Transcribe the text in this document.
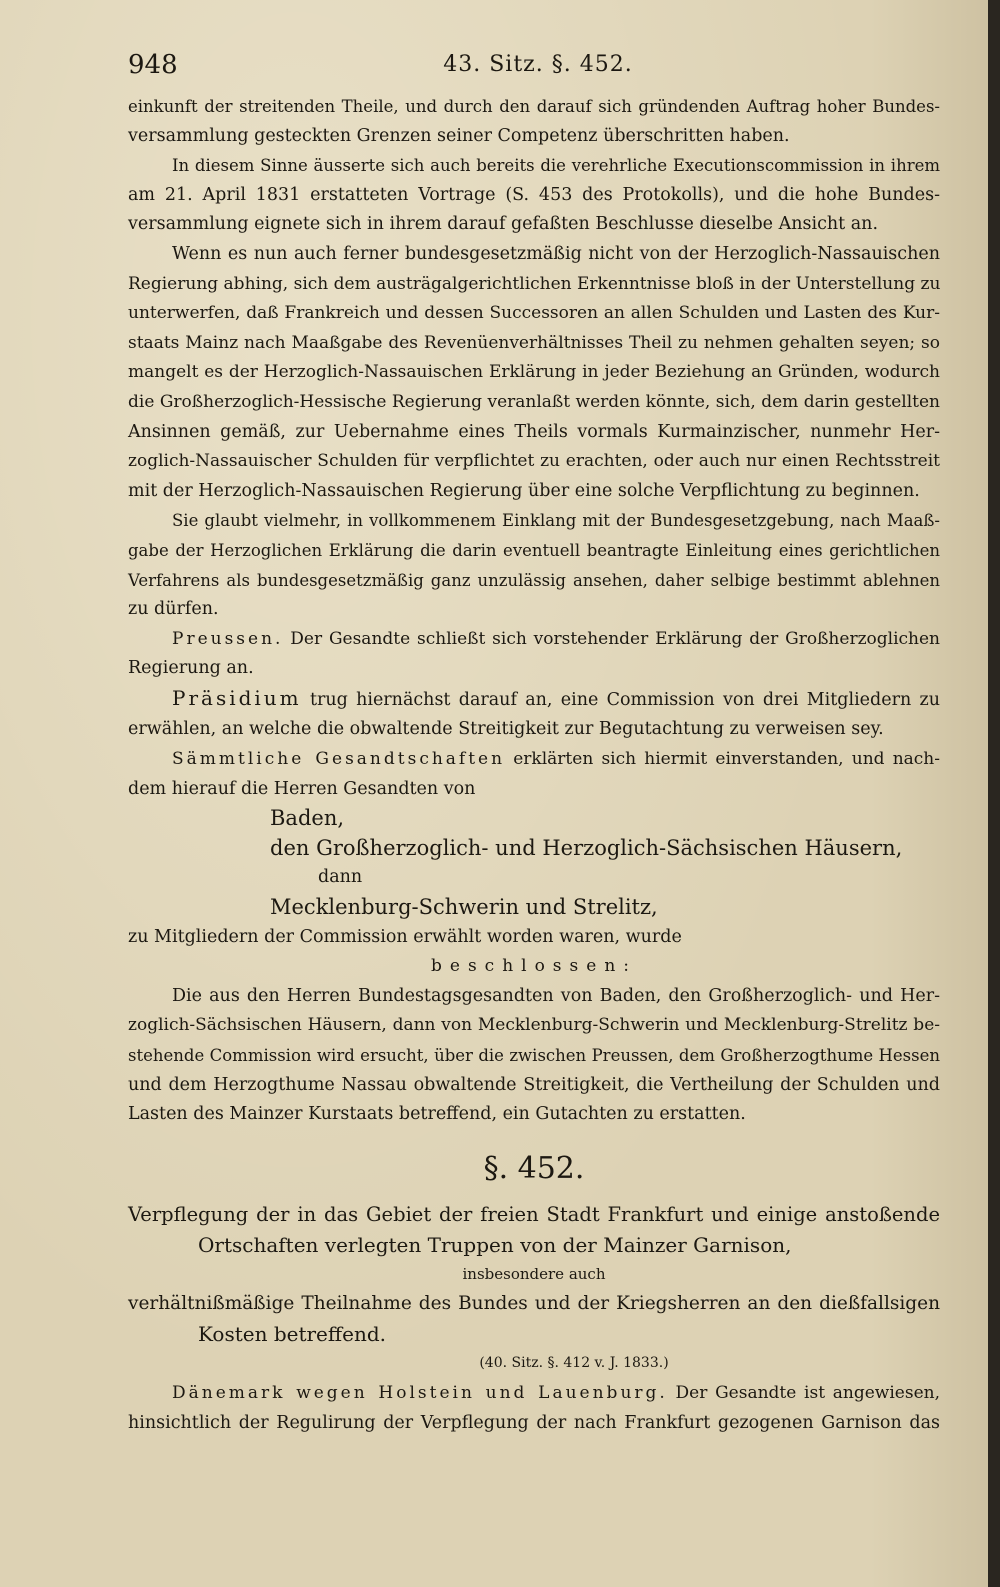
948	43. Sitz. §. 452.
einkunft der streitenden Theile, und durch den darauf sich gründenden Auftrag hoher Bundes-
versammlung gesteckten Grenzen seiner Competenz überschritten haben.
In diesem Sinne äusserte sich auch bereits die verehrliche Executionscommission in ihrem
am 21. April 1831 erstatteten Vortrage (S. 453 des Protokolls), und die hohe Bundes-
versammlung eignete sich in ihrem darauf gefaßten Beschlusse dieselbe Ansicht an.
Wenn es nun auch ferner bundesgesetzmäßig nicht von der Herzoglich-Nassauischen
Regierung abhing, sich dem austrägalgerichtlichen Erkenntnisse bloß in der Unterstellung zu
unterwerfen, daß Frankreich und dessen Successoren an allen Schulden und Lasten des Kur-
staats Mainz nach Maaßgabe des Revenüenverhältnisses Theil zu nehmen gehalten seyen; so
mangelt es der Herzoglich-Nassauischen Erklärung in jeder Beziehung an Gründen, wodurch
die Großherzoglich-Hessische Regierung veranlaßt werden könnte, sich, dem darin gestellten
Ansinnen gemäß, zur Uebernahme eines Theils vormals Kurmainzischer, nunmehr Her-
zoglich-Nassauischer Schulden für verpflichtet zu erachten, oder auch nur einen Rechtsstreit
mit der Herzoglich-Nassauischen Regierung über eine solche Verpflichtung zu beginnen.
Sie glaubt vielmehr, in vollkommenem Einklang mit der Bundesgesetzgebung, nach Maaß-
gabe der Herzoglichen Erklärung die darin eventuell beantragte Einleitung eines gerichtlichen
Verfahrens als bundesgesetzmäßig ganz unzulässig ansehen, daher selbige bestimmt ablehnen
zu dürfen.
Preussen. Der Gesandte schließt sich vorstehender Erklärung der Großherzoglichen
Regierung an.
Präsidium trug hiernächst darauf an, eine Commission von drei Mitgliedern zu
erwählen, an welche die obwaltende Streitigkeit zur Begutachtung zu verweisen sey.
Sämmtliche Gesandtschaften erklärten sich hiermit einverstanden, und nach-
dem hierauf die Herren Gesandten von
Baden,
den Großherzoglich- und Herzoglich-Sächsischen Häusern,
dann
Mecklenburg-Schwerin und Strelitz,
zu Mitgliedern der Commission erwählt worden waren, wurde
beschlossen:
Die aus den Herren Bundestagsgesandten von Baden, den Großherzoglich- und Her-
zoglich-Sächsischen Häusern, dann von Mecklenburg-Schwerin und Mecklenburg-Strelitz be-
stehende Commission wird ersucht, über die zwischen Preussen, dem Großherzogthume Hessen
und dem Herzogthume Nassau obwaltende Streitigkeit, die Vertheilung der Schulden und
Lasten des Mainzer Kurstaats betreffend, ein Gutachten zu erstatten.
§. 452.
Verpflegung der in das Gebiet der freien Stadt Frankfurt und einige anstoßende
Ortschaften verlegten Truppen von der Mainzer Garnison,
insbesondere auch
verhältnißmäßige Theilnahme des Bundes und der Kriegsherren an den dießfallsigen
Kosten betreffend.
(40. Sitz. §. 412 v. J. 1833.)
Dänemark wegen Holstein und Lauenburg. Der Gesandte ist angewiesen,
hinsichtlich der Regulirung der Verpflegung der nach Frankfurt gezogenen Garnison das
